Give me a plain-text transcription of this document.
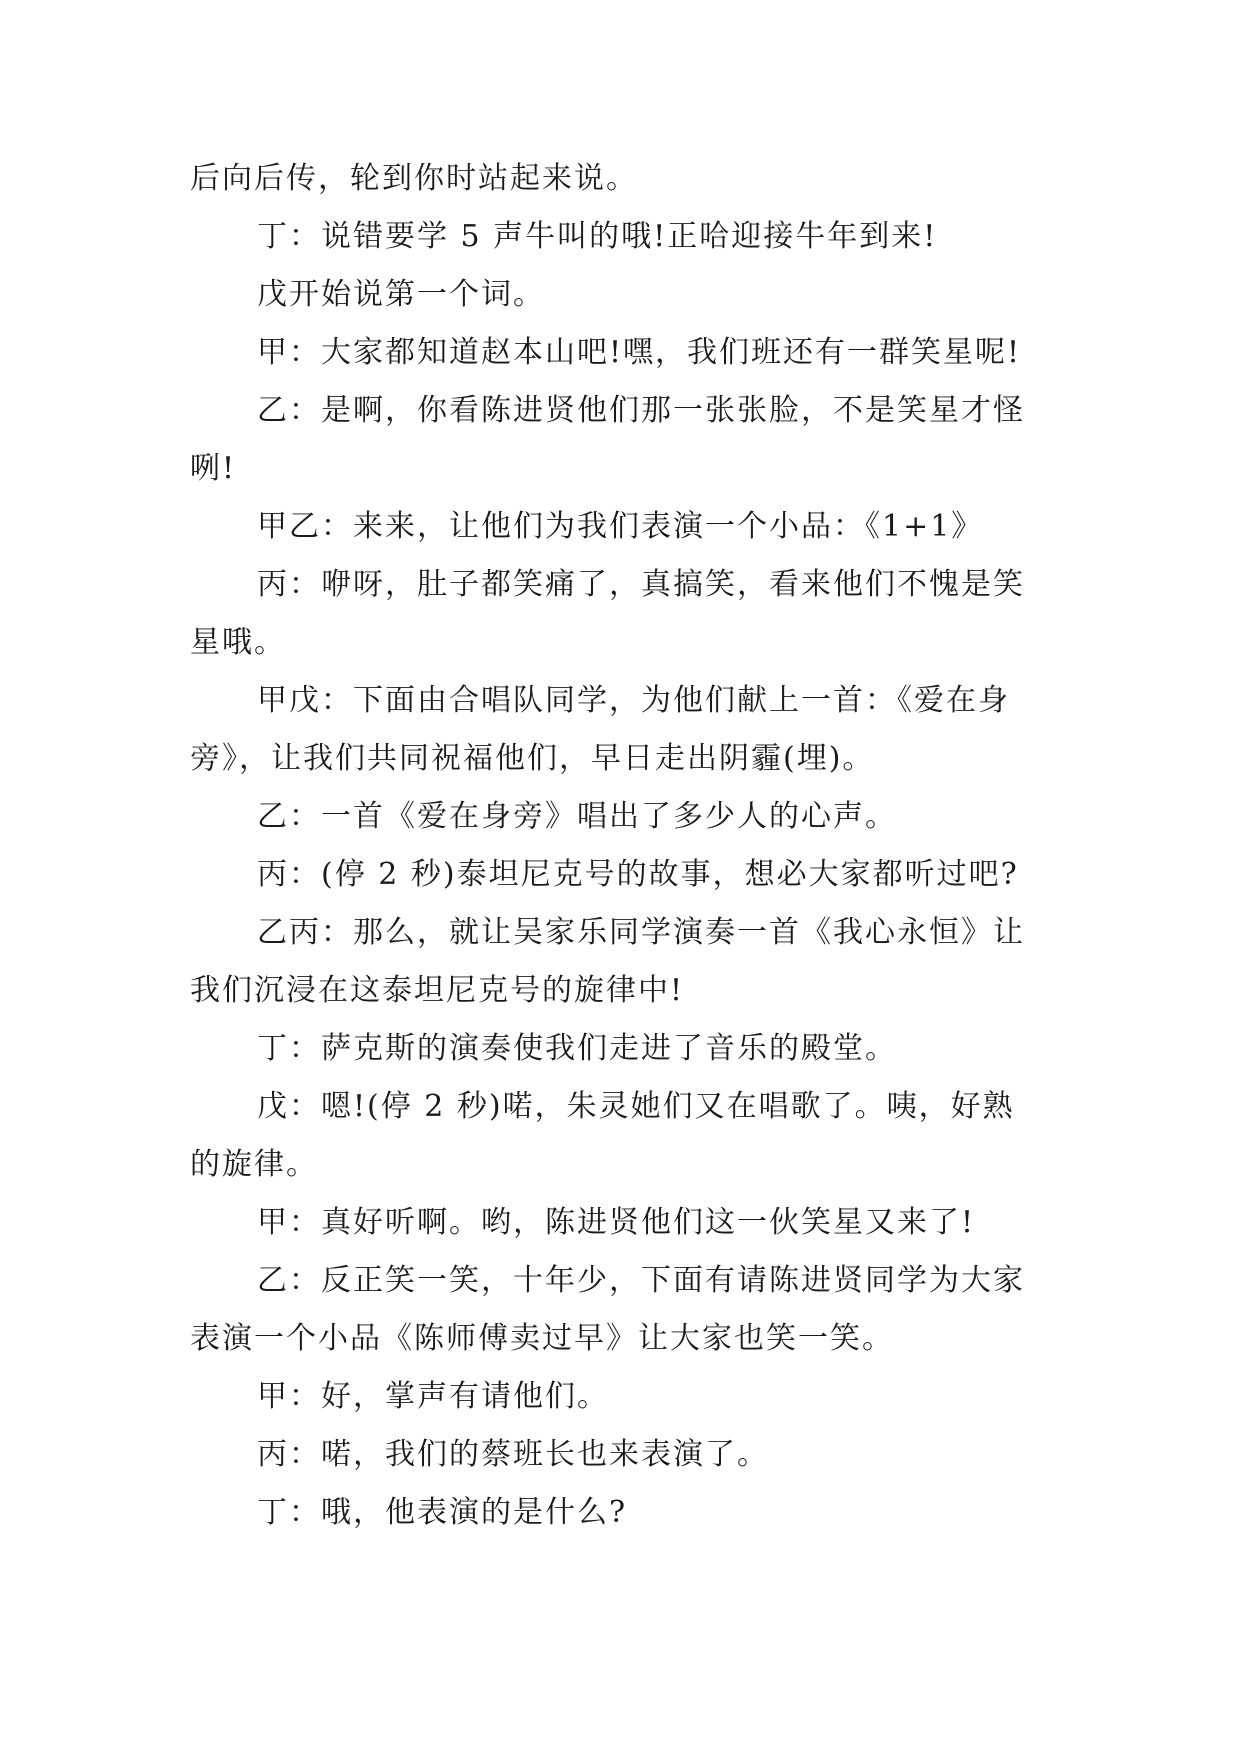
后向后传，轮到你时站起来说。
丁：说错要学 5 声牛叫的哦!正哈迎接牛年到来!
戊开始说第一个词。
甲：大家都知道赵本山吧!嘿，我们班还有一群笑星呢!
乙：是啊，你看陈进贤他们那一张张脸，不是笑星才怪
咧!
甲乙：来来，让他们为我们表演一个小品：《1+1》
丙：咿呀，肚子都笑痛了，真搞笑，看来他们不愧是笑
星哦。
甲戊：下面由合唱队同学，为他们献上一首：《爱在身
旁》，让我们共同祝福他们，早日走出阴霾(埋)。
乙：一首《爱在身旁》唱出了多少人的心声。
丙：(停 2 秒)泰坦尼克号的故事，想必大家都听过吧?
乙丙：那么，就让吴家乐同学演奏一首《我心永恒》让
我们沉浸在这泰坦尼克号的旋律中!
丁：萨克斯的演奏使我们走进了音乐的殿堂。
戊：嗯!(停 2 秒)喏，朱灵她们又在唱歌了。咦，好熟
的旋律。
甲：真好听啊。哟，陈进贤他们这一伙笑星又来了!
乙：反正笑一笑，十年少，下面有请陈进贤同学为大家
表演一个小品《陈师傅卖过早》让大家也笑一笑。
甲：好，掌声有请他们。
丙：喏，我们的蔡班长也来表演了。
丁：哦，他表演的是什么?
